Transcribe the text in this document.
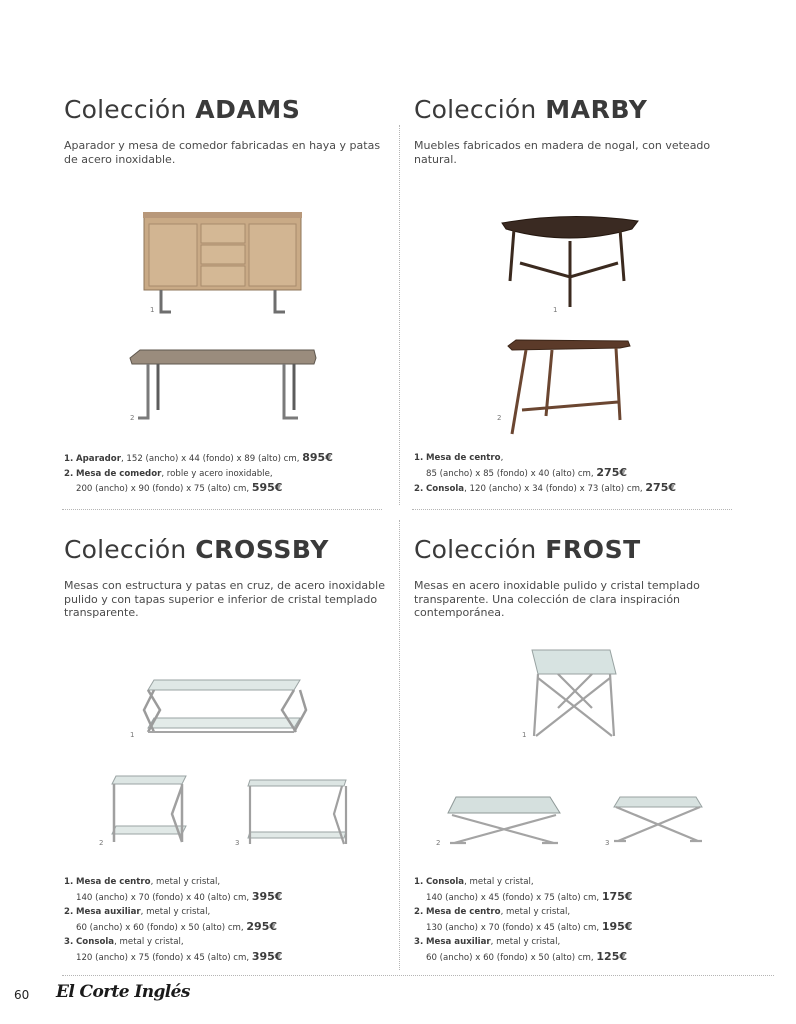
Colección ADAMS
Aparador y mesa de comedor fabricadas en haya y patas de acero inoxidable.
1
2
1. Aparador, 152 (ancho) x 44 (fondo) x 89 (alto) cm, 895€
2. Mesa de comedor, roble y acero inoxidable,
200 (ancho) x 90 (fondo) x 75 (alto) cm, 595€
Colección MARBY
Muebles fabricados en madera de nogal, con veteado natural.
1
2
1. Mesa de centro,
85 (ancho) x 85 (fondo) x 40 (alto) cm, 275€
2. Consola, 120 (ancho) x 34 (fondo) x 73 (alto) cm, 275€
Colección CROSSBY
Mesas con estructura y patas en cruz, de acero inoxidable pulido y con tapas superior e inferior de cristal templado transparente.
1
2	3
1. Mesa de centro, metal y cristal,
140 (ancho) x 70 (fondo) x 40 (alto) cm, 395€
2. Mesa auxiliar, metal y cristal,
60 (ancho) x 60 (fondo) x 50 (alto) cm, 295€
3. Consola, metal y cristal,
120 (ancho) x 75 (fondo) x 45 (alto) cm, 395€
Colección FROST
Mesas en acero inoxidable pulido y cristal templado transparente. Una colección de clara inspiración contemporánea.
1
2	3
1. Consola, metal y cristal,
140 (ancho) x 45 (fondo) x 75 (alto) cm, 175€
2. Mesa de centro, metal y cristal,
130 (ancho) x 70 (fondo) x 45 (alto) cm, 195€
3. Mesa auxiliar, metal y cristal,
60 (ancho) x 60 (fondo) x 50 (alto) cm, 125€
60 El Corte Inglés
